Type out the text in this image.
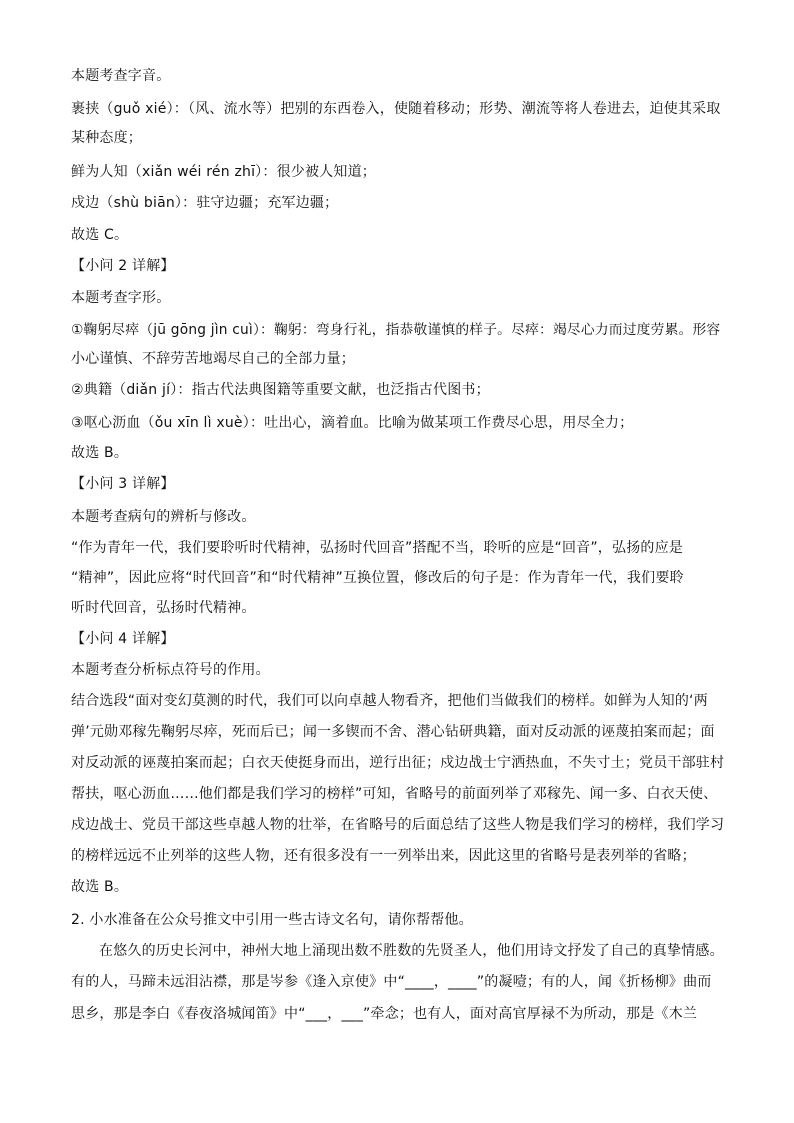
本题考查字音。

裹挟（guǒ xié）：（风、流水等）把别的东西卷入，使随着移动；形势、潮流等将人卷进去，迫使其采取

某种态度；

鲜为人知（xiǎn wéi rén zhī）：很少被人知道；

戍边（shù biān）：驻守边疆；充军边疆；

故选 C。

【小问 2 详解】

本题考查字形。

①鞠躬尽瘁（jū gōng jìn cuì）：鞠躬：弯身行礼，指恭敬谨慎的样子。尽瘁：竭尽心力而过度劳累。形容

小心谨慎、不辞劳苦地竭尽自己的全部力量；

②典籍（diǎn jí）：指古代法典图籍等重要文献，也泛指古代图书；

③呕心沥血（ǒu xīn lì xuè）：吐出心，滴着血。比喻为做某项工作费尽心思，用尽全力；

故选 B。

【小问 3 详解】

本题考查病句的辨析与修改。

“作为青年一代，我们要聆听时代精神，弘扬时代回音”搭配不当，聆听的应是“回音”，弘扬的应是

“精神”，因此应将“时代回音”和“时代精神”互换位置，修改后的句子是：作为青年一代，我们要聆

听时代回音，弘扬时代精神。

【小问 4 详解】

本题考查分析标点符号的作用。

结合选段“面对变幻莫测的时代，我们可以向卓越人物看齐，把他们当做我们的榜样。如鲜为人知的‘两

弹’元勋邓稼先鞠躬尽瘁，死而后已；闻一多锲而不舍、潜心钻研典籍，面对反动派的诬蔑拍案而起；面

对反动派的诬蔑拍案而起；白衣天使挺身而出，逆行出征；戍边战士宁洒热血，不失寸土；党员干部驻村

帮扶，呕心沥血……他们都是我们学习的榜样”可知，省略号的前面列举了邓稼先、闻一多、白衣天使、

戍边战士、党员干部这些卓越人物的壮举，在省略号的后面总结了这些人物是我们学习的榜样，我们学习

的榜样远远不止列举的这些人物，还有很多没有一一列举出来，因此这里的省略号是表列举的省略；

故选 B。

2. 小水准备在公众号推文中引用一些古诗文名句，请你帮帮他。

在悠久的历史长河中，神州大地上涌现出数不胜数的先贤圣人，他们用诗文抒发了自己的真挚情感。

有的人，马蹄未远泪沾襟，那是岑参《逢入京使》中“____，____”的凝噎；有的人，闻《折杨柳》曲而

思乡，那是李白《春夜洛城闻笛》中“___，___”牵念；也有人，面对高官厚禄不为所动，那是《木兰
